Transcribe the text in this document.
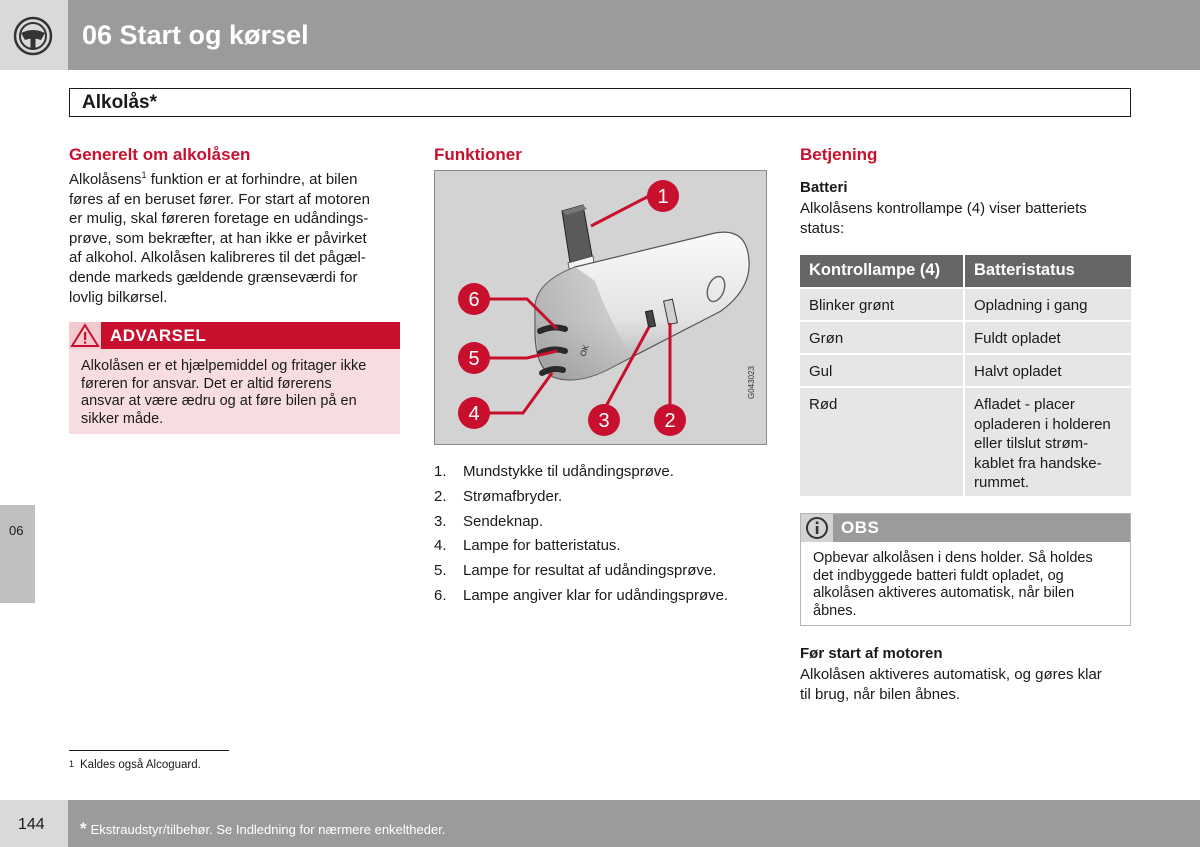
06 Start og kørsel
Alkolås*
06
Generelt om alkolåsen
Alkolåsens$^1$ funktion er at forhindre, at bilen
føres af en beruset fører. For start af motoren
er mulig, skal føreren foretage en udåndings-
prøve, som bekræfter, at han ikke er påvirket
af alkohol. Alkolåsen kalibreres til det pågæl-
dende markeds gældende grænseværdi for
lovlig bilkørsel.
ADVARSEL
Alkolåsen er et hjælpemiddel og fritager ikke
føreren for ansvar. Det er altid førerens
ansvar at være ædru og at føre bilen på en
sikker måde.
Funktioner
OK
1
2
3
4
5
6
G043023
1.	Mundstykke til udåndingsprøve.
2.	Strømafbryder.
3.	Sendeknap.
4.	Lampe for batteristatus.
5.	Lampe for resultat af udåndingsprøve.
6.	Lampe angiver klar for udåndingsprøve.
Betjening
Batteri
Alkolåsens kontrollampe (4) viser batteriets
status:
Kontrollampe (4)	Batteristatus
Blinker grønt	Opladning i gang
Grøn	Fuldt opladet
Gul	Halvt opladet
Rød	Afladet - placer
opladeren i holderen
eller tilslut strøm-
kablet fra handske-
rummet.
OBS
Opbevar alkolåsen i dens holder. Så holdes
det indbyggede batteri fuldt opladet, og
alkolåsen aktiveres automatisk, når bilen
åbnes.
Før start af motoren
Alkolåsen aktiveres automatisk, og gøres klar
til brug, når bilen åbnes.
$^1$ Kaldes også Alcoguard.
144 * Ekstraudstyr/tilbehør. Se Indledning for nærmere enkeltheder.
